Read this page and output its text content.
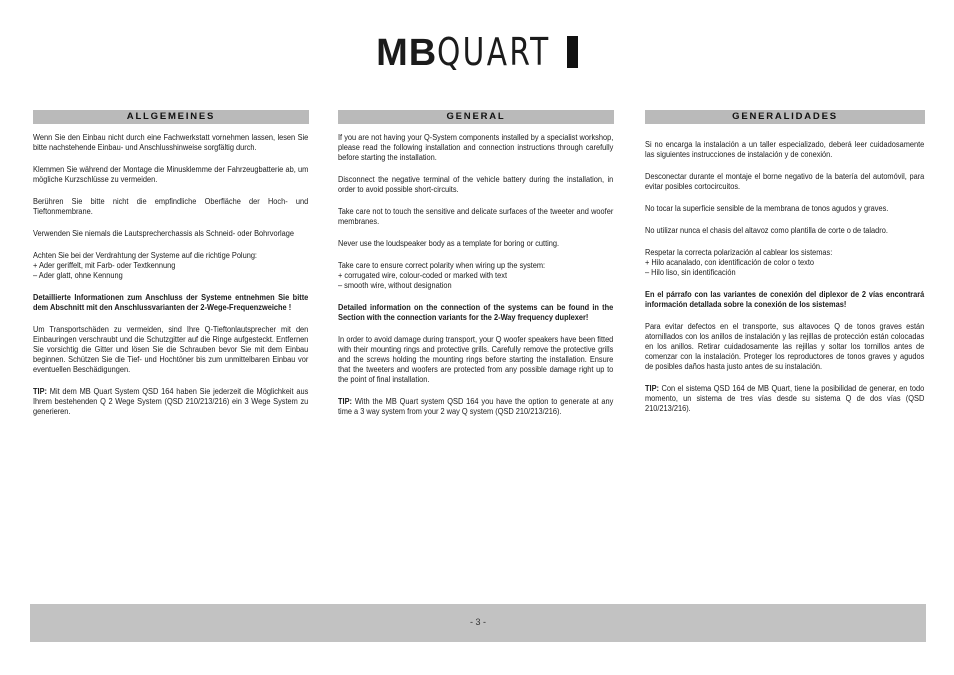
MBQUART
ALLGEMEINES

Wenn Sie den Einbau nicht durch eine Fachwerkstatt vornehmen lassen, lesen Sie bitte nachstehende Einbau- und Anschlusshinweise sorgfältig durch.

Klemmen Sie während der Montage die Minusklemme der Fahrzeugbatterie ab, um mögliche Kurzschlüsse zu vermeiden.

Berühren Sie bitte nicht die empfindliche Oberfläche der Hoch- und Tieftonmembrane.

Verwenden Sie niemals die Lautsprecherchassis als Schneid- oder Bohrvorlage

Achten Sie bei der Verdrahtung der Systeme auf die richtige Polung:
+ Ader geriffelt, mit Farb- oder Textkennung
– Ader glatt, ohne Kennung

Detaillierte Informationen zum Anschluss der Systeme entnehmen Sie bitte dem Abschnitt mit den Anschlussvarianten der 2-Wege-Frequenzweiche !

Um Transportschäden zu vermeiden, sind Ihre Q-Tieftonlautsprecher mit den Einbauringen verschraubt und die Schutzgitter auf die Ringe aufgesteckt. Entfernen Sie vorsichtig die Gitter und lösen Sie die Schrauben bevor Sie mit dem Einbau beginnen. Schützen Sie die Tief- und Hochtöner bis zum unmittelbaren Einbau vor eventuellen Beschädigungen.

TIP: Mit dem MB Quart System QSD 164 haben Sie jederzeit die Möglichkeit aus Ihrem bestehenden Q 2 Wege System (QSD 210/213/216) ein 3 Wege System zu generieren.

GENERAL

If you are not having your Q-System components installed by a specialist workshop, please read the following installation and connection instructions through carefully before starting the installation.

Disconnect the negative terminal of the vehicle battery during the installation, in order to avoid possible short-circuits.

Take care not to touch the sensitive and delicate surfaces of the tweeter and woofer membranes.

Never use the loudspeaker body as a template for boring or cutting.

Take care to ensure correct polarity when wiring up the system:
+ corrugated wire, colour-coded or marked with text
– smooth wire, without designation

Detailed information on the connection of the systems can be found in the Section with the connection variants for the 2-Way frequency duplexer!

In order to avoid damage during transport, your Q woofer speakers have been fitted with their mounting rings and protective grills. Carefully remove the protective grills and the screws holding the mounting rings before starting the installation. Ensure that the tweeters and woofers are protected from any possible damage right up to the point of final installation.

TIP: With the MB Quart system QSD 164 you have the option to generate at any time a 3 way system from your 2 way Q system (QSD 210/213/216).

GENERALIDADES

Si no encarga la instalación a un taller especializado, deberá leer cuidadosamente las siguientes instrucciones de instalación y de conexión.

Desconectar durante el montaje el borne negativo de la batería del automóvil, para evitar posibles cortocircuitos.

No tocar la superficie sensible de la membrana de tonos agudos y graves.

No utilizar nunca el chasis del altavoz como plantilla de corte o de taladro.

Respetar la correcta polarización al cablear los sistemas:
+ Hilo acanalado, con identificación de color o texto
– Hilo liso, sin identificación

En el párrafo con las variantes de conexión del diplexor de 2 vías encontrará información detallada sobre la conexión de los sistemas!

Para evitar defectos en el transporte, sus altavoces Q de tonos graves están atornillados con los anillos de instalación y las rejillas de protección están colocadas en los anillos. Retirar cuidadosamente las rejillas y soltar los tornillos antes de comenzar con la instalación. Proteger los reproductores de tonos graves y agudos de posibles daños hasta justo antes de su instalación.

TIP: Con el sistema QSD 164 de MB Quart, tiene la posibilidad de generar, en todo momento, un sistema de tres vías desde su sistema Q de dos vías (QSD 210/213/216).

- 3 -
